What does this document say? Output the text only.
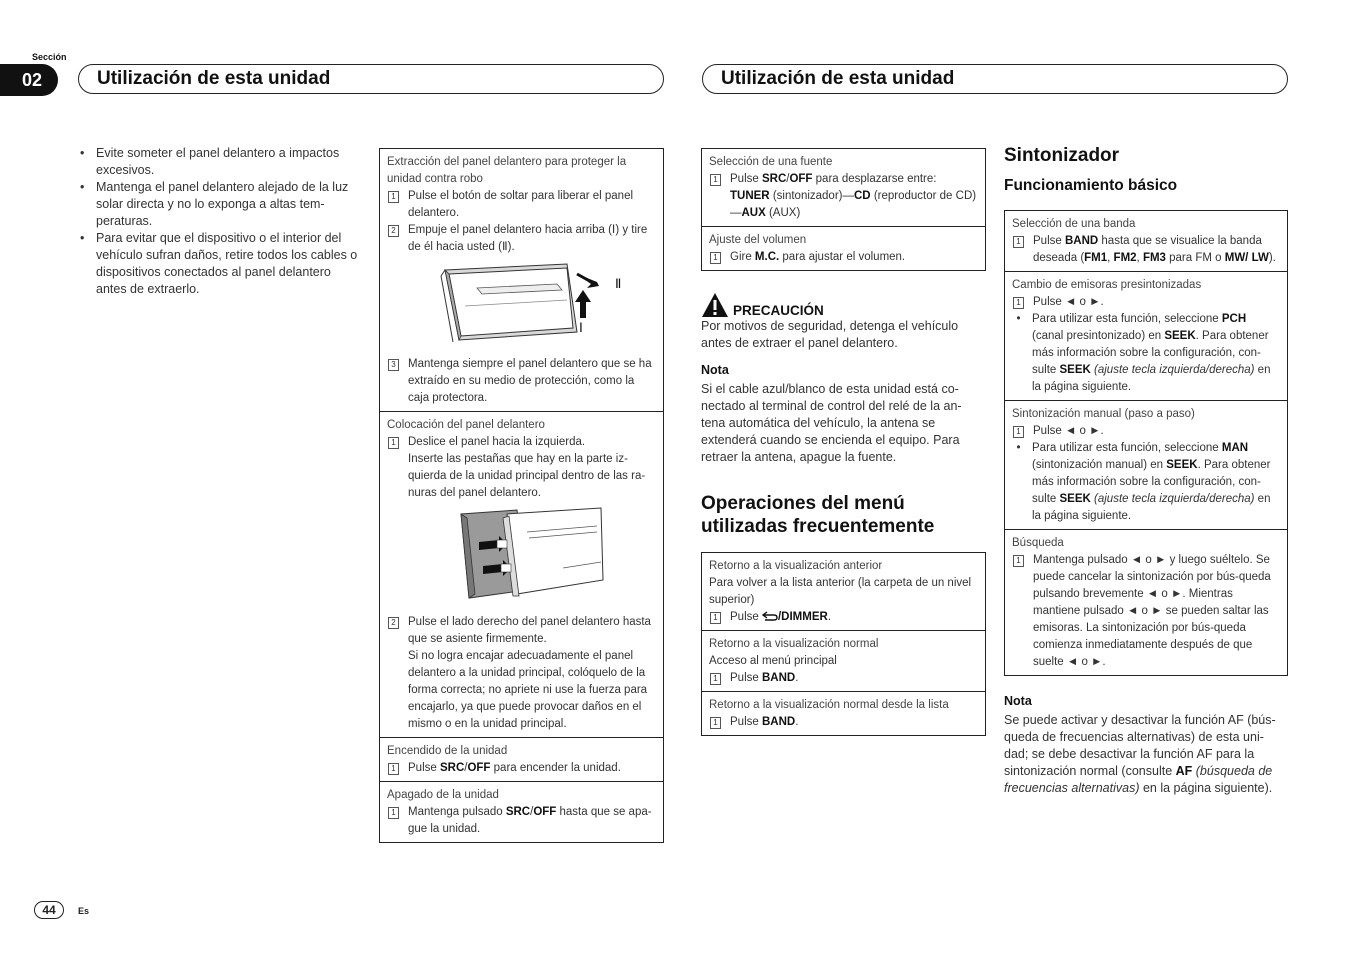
Sección
02	Utilización de esta unidad	Utilización de esta unidad
• Evite someter el panel delantero a impactos excesivos.
• Mantenga el panel delantero alejado de la luz solar directa y no lo exponga a altas tem-peraturas.
• Para evitar que el dispositivo o el interior del vehículo sufran daños, retire todos los cables o dispositivos conectados al panel delantero antes de extraerlo.
Extracción del panel delantero para proteger la unidad contra robo
1 Pulse el botón de soltar para liberar el panel delantero.
2 Empuje el panel delantero hacia arriba (Ⅰ) y tire de él hacia usted (Ⅱ).
Ⅱ
Ⅰ
3 Mantenga siempre el panel delantero que se ha extraído en su medio de protección, como la caja protectora.
Colocación del panel delantero
1 Deslice el panel hacia la izquierda.
Inserte las pestañas que hay en la parte iz-quierda de la unidad principal dentro de las ra-nuras del panel delantero.
2 Pulse el lado derecho del panel delantero hasta que se asiente firmemente.
Si no logra encajar adecuadamente el panel delantero a la unidad principal, colóquelo de la forma correcta; no apriete ni use la fuerza para encajarlo, ya que puede provocar daños en el mismo o en la unidad principal.
Encendido de la unidad
1 Pulse SRC/OFF para encender la unidad.
Apagado de la unidad
1 Mantenga pulsado SRC/OFF hasta que se apa-gue la unidad.
Selección de una fuente
1 Pulse SRC/OFF para desplazarse entre:
TUNER (sintonizador)—CD (reproductor de CD)—AUX (AUX)
Ajuste del volumen
1 Gire M.C. para ajustar el volumen.
PRECAUCIÓN
Por motivos de seguridad, detenga el vehículo antes de extraer el panel delantero.
Nota
Si el cable azul/blanco de esta unidad está co-nectado al terminal de control del relé de la an-tena automática del vehículo, la antena se extenderá cuando se encienda el equipo. Para retraer la antena, apague la fuente.
Operaciones del menú utilizadas frecuentemente
Retorno a la visualización anterior
Para volver a la lista anterior (la carpeta de un nivel superior)
1 Pulse /DIMMER.
Retorno a la visualización normal
Acceso al menú principal
1 Pulse BAND.
Retorno a la visualización normal desde la lista
1 Pulse BAND.
Sintonizador
Funcionamiento básico
Selección de una banda
1 Pulse BAND hasta que se visualice la banda deseada (FM1, FM2, FM3 para FM o MW/ LW).
Cambio de emisoras presintonizadas
1 Pulse ◄ o ►.
• Para utilizar esta función, seleccione PCH (canal presintonizado) en SEEK. Para obtener más información sobre la configuración, con-sulte SEEK (ajuste tecla izquierda/derecha) en la página siguiente.
Sintonización manual (paso a paso)
1 Pulse ◄ o ►.
• Para utilizar esta función, seleccione MAN (sintonización manual) en SEEK. Para obtener más información sobre la configuración, con-sulte SEEK (ajuste tecla izquierda/derecha) en la página siguiente.
Búsqueda
1 Mantenga pulsado ◄ o ► y luego suéltelo. Se puede cancelar la sintonización por bús-queda pulsando brevemente ◄ o ►. Mientras mantiene pulsado ◄ o ► se pueden saltar las emisoras. La sintonización por bús-queda comienza inmediatamente después de que suelte ◄ o ►.
Nota
Se puede activar y desactivar la función AF (bús-queda de frecuencias alternativas) de esta uni-dad; se debe desactivar la función AF para la sintonización normal (consulte AF (búsqueda de frecuencias alternativas) en la página siguiente).
44	Es
